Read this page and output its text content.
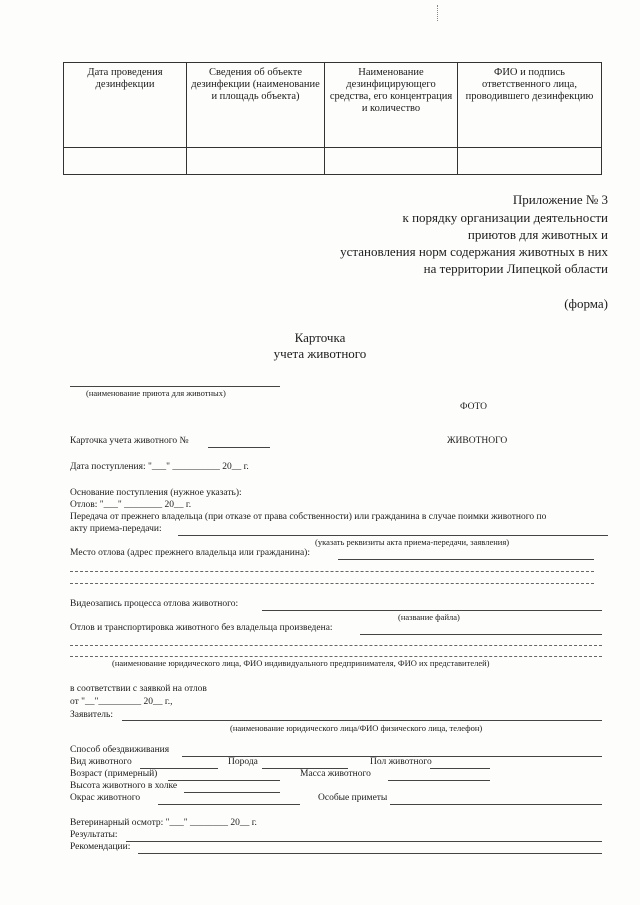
Дата проведения дезинфекции	Сведения об объекте дезинфекции (наименование и площадь объекта)	Наименование дезинфицирующего средства, его концентрация и количество	ФИО и подпись ответственного лица, проводившего дезинфекцию

Приложение № 3
к порядку организации деятельности
приютов для животных и
установления норм содержания животных в них
на территории Липецкой области
(форма)
Карточка
учета животного
(наименование приюта для животных)
ФОТО
ЖИВОТНОГО
Карточка учета животного №
Дата поступления: "___" __________ 20__ г.
Основание поступления (нужное указать):
Отлов: "___" ________ 20__ г.
Передача от прежнего владельца (при отказе от права собственности) или гражданина в случае поимки животного по
акту приема-передачи:
(указать реквизиты акта приема-передачи, заявления)
Место отлова (адрес прежнего владельца или гражданина):
Видеозапись процесса отлова животного:
(название файла)
Отлов и транспортировка животного без владельца произведена:
(наименование юридического лица, ФИО индивидуального предпринимателя, ФИО их представителей)
в соответствии с заявкой на отлов
от "__"_________ 20__ г.,
Заявитель:
(наименование юридического лица/ФИО физического лица, телефон)
Способ обездвиживания
Вид животного	Порода	Пол животного
Возраст (примерный)	Масса животного
Высота животного в холке
Окрас животного	Особые приметы
Ветеринарный осмотр: "___" ________ 20__ г.
Результаты:
Рекомендации:
